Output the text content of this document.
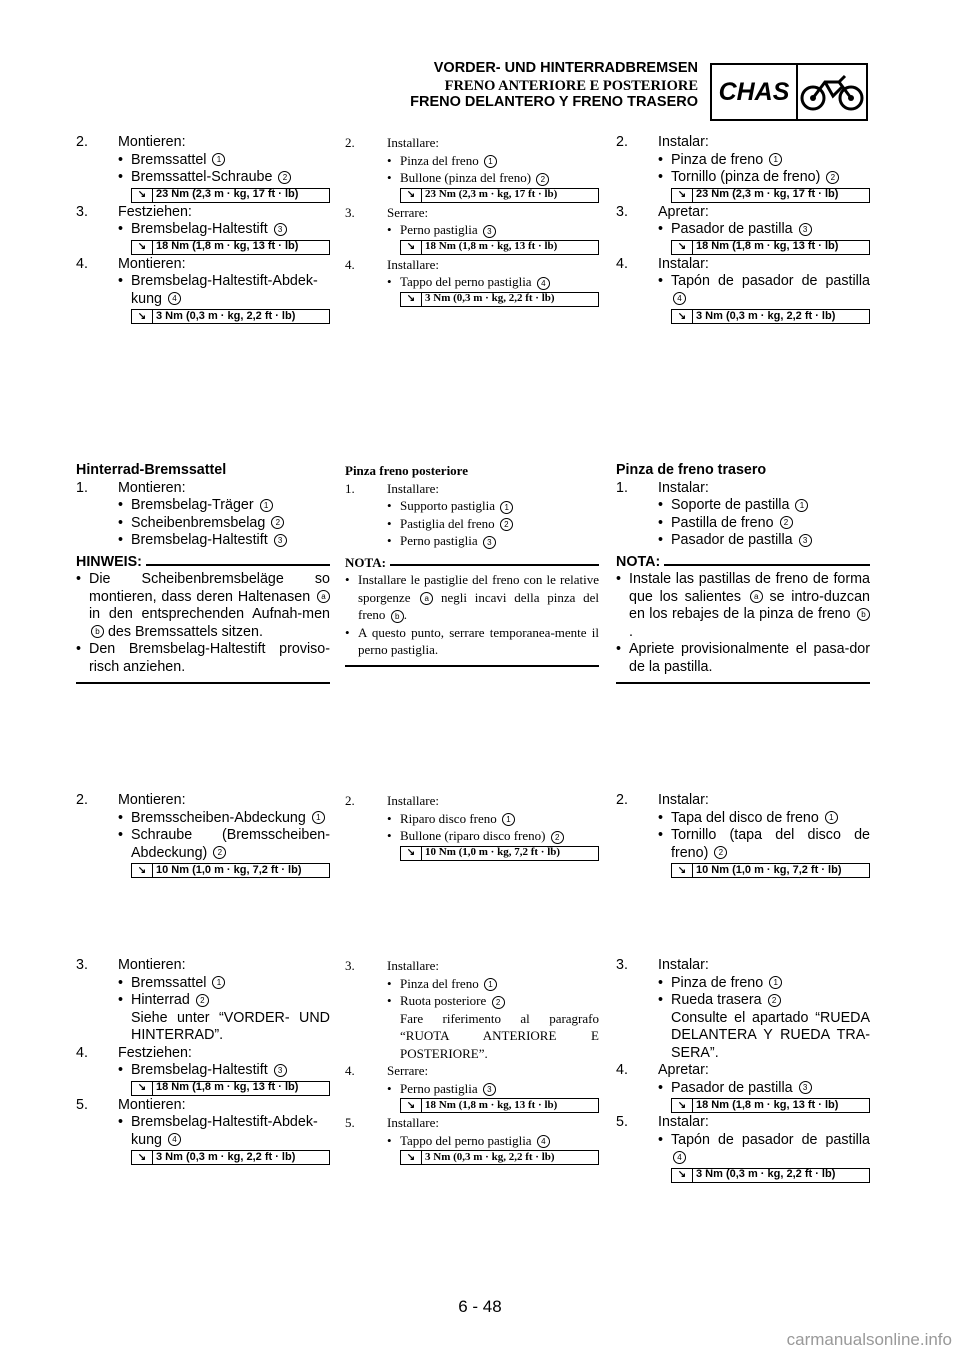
VORDER- UND HINTERRADBREMSEN
FRENO ANTERIORE E POSTERIORE
FRENO DELANTERO Y FRENO TRASERO CHAS
2.	Montieren:
• Bremssattel 1
• Bremssattel-Schraube 2
↘ 23 Nm (2,3 m · kg, 17 ft · lb)
3.	Festziehen:
• Bremsbelag-Haltestift 3
↘ 18 Nm (1,8 m · kg, 13 ft · lb)
4.	Montieren:
• Bremsbelag-Haltestift-Abdek-kung 4
↘ 3 Nm (0,3 m · kg, 2,2 ft · lb)
Hinterrad-Bremssattel
1.	Montieren:
• Bremsbelag-Träger 1
• Scheibenbremsbelag 2
• Bremsbelag-Haltestift 3
HINWEIS:
• Die Scheibenbremsbeläge so montieren, dass deren Haltenasen a in den entsprechenden Aufnah-men b des Bremssattels sitzen.
• Den Bremsbelag-Haltestift proviso-risch anziehen.
2.	Montieren:
• Bremsscheiben-Abdeckung 1
• Schraube (Bremsscheiben-Abdeckung) 2
↘ 10 Nm (1,0 m · kg, 7,2 ft · lb)
3.	Montieren:
• Bremssattel 1
• Hinterrad 2
Siehe unter “VORDER- UND HINTERRAD”.
4.	Festziehen:
• Bremsbelag-Haltestift 3
↘ 18 Nm (1,8 m · kg, 13 ft · lb)
5.	Montieren:
• Bremsbelag-Haltestift-Abdek-kung 4
↘ 3 Nm (0,3 m · kg, 2,2 ft · lb)
2.	Installare:
• Pinza del freno 1
• Bullone (pinza del freno) 2
↘ 23 Nm (2,3 m · kg, 17 ft · lb)
3.	Serrare:
• Perno pastiglia 3
↘ 18 Nm (1,8 m · kg, 13 ft · lb)
4.	Installare:
• Tappo del perno pastiglia 4
↘ 3 Nm (0,3 m · kg, 2,2 ft · lb)
Pinza freno posteriore
1.	Installare:
• Supporto pastiglia 1
• Pastiglia del freno 2
• Perno pastiglia 3
NOTA:
• Installare le pastiglie del freno con le relative sporgenze a negli incavi della pinza del freno b .
• A questo punto, serrare temporanea-mente il perno pastiglia.
2.	Installare:
• Riparo disco freno 1
• Bullone (riparo disco freno) 2
↘ 10 Nm (1,0 m · kg, 7,2 ft · lb)
3.	Installare:
• Pinza del freno 1
• Ruota posteriore 2
Fare riferimento al paragrafo “RUOTA ANTERIORE E POSTERIORE”.
4.	Serrare:
• Perno pastiglia 3
↘ 18 Nm (1,8 m · kg, 13 ft · lb)
5.	Installare:
• Tappo del perno pastiglia 4
↘ 3 Nm (0,3 m · kg, 2,2 ft · lb)
2.	Instalar:
• Pinza de freno 1
• Tornillo (pinza de freno) 2
↘ 23 Nm (2,3 m · kg, 17 ft · lb)
3.	Apretar:
• Pasador de pastilla 3
↘ 18 Nm (1,8 m · kg, 13 ft · lb)
4.	Instalar:
• Tapón de pasador de pastilla 4
↘ 3 Nm (0,3 m · kg, 2,2 ft · lb)
Pinza de freno trasero
1.	Instalar:
• Soporte de pastilla 1
• Pastilla de freno 2
• Pasador de pastilla 3
NOTA:
• Instale las pastillas de freno de forma que los salientes a se intro-duzcan en los rebajes de la pinza de freno b.
• Apriete provisionalmente el pasa-dor de la pastilla.
2.	Instalar:
• Tapa del disco de freno 1
• Tornillo (tapa del disco de freno) 2
↘ 10 Nm (1,0 m · kg, 7,2 ft · lb)
3.	Instalar:
• Pinza de freno 1
• Rueda trasera 2
Consulte el apartado “RUEDA DELANTERA Y RUEDA TRA-SERA”.
4.	Apretar:
• Pasador de pastilla 3
↘ 18 Nm (1,8 m · kg, 13 ft · lb)
5.	Instalar:
• Tapón de pasador de pastilla 4
↘ 3 Nm (0,3 m · kg, 2,2 ft · lb)
6 - 48
carmanualsonline.info
